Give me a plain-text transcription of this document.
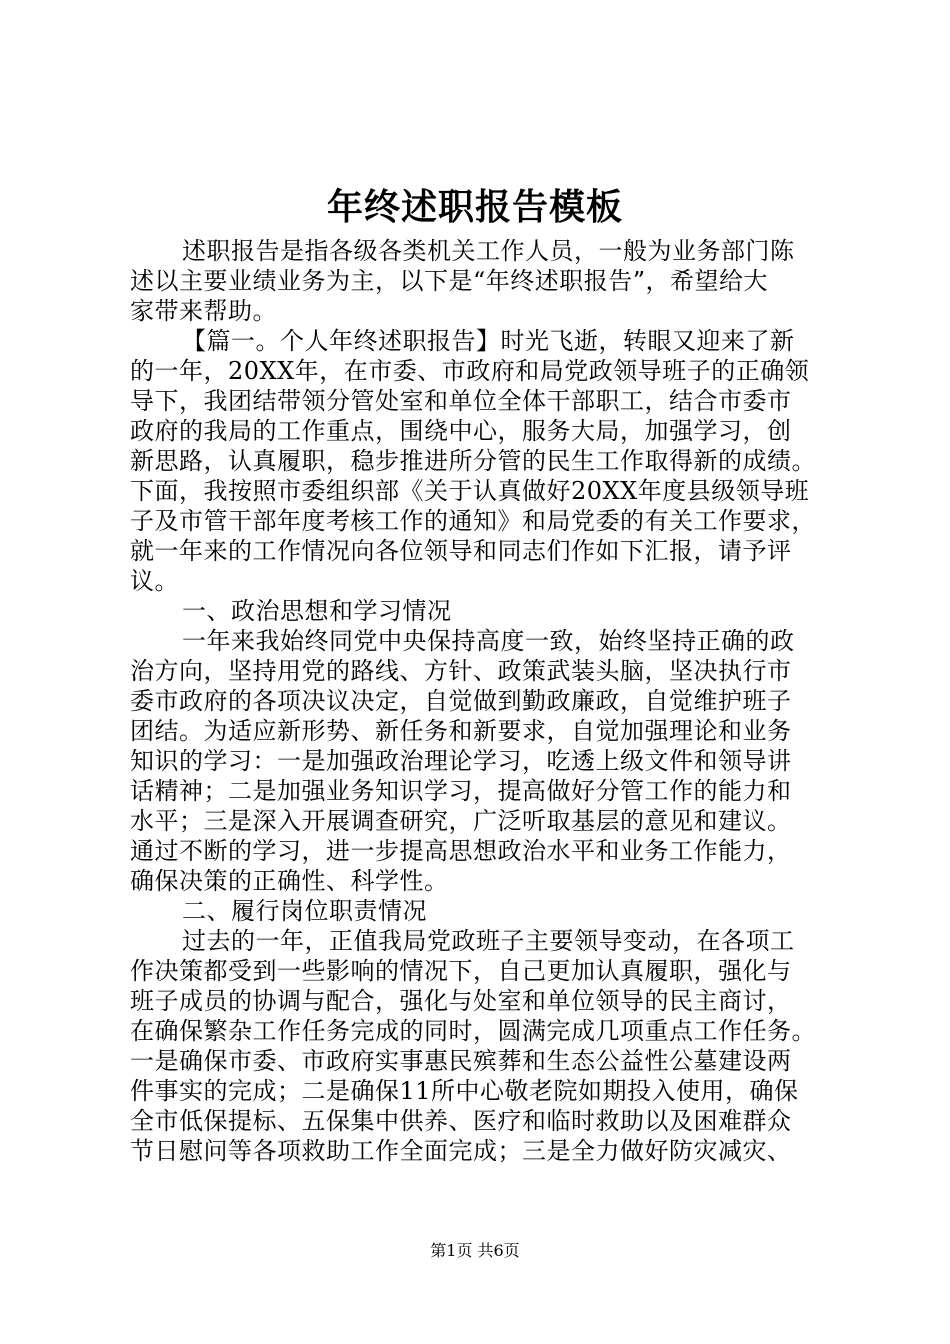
年终述职报告模板
述职报告是指各级各类机关工作人员，一般为业务部门陈
述以主要业绩业务为主，以下是“年终述职报告”，希望给大
家带来帮助。
【篇一。个人年终述职报告】时光飞逝，转眼又迎来了新
的一年，20XX年，在市委、市政府和局党政领导班子的正确领
导下，我团结带领分管处室和单位全体干部职工，结合市委市
政府的我局的工作重点，围绕中心，服务大局，加强学习，创
新思路，认真履职，稳步推进所分管的民生工作取得新的成绩。
下面，我按照市委组织部《关于认真做好20XX年度县级领导班
子及市管干部年度考核工作的通知》和局党委的有关工作要求，
就一年来的工作情况向各位领导和同志们作如下汇报，请予评
议。
一、政治思想和学习情况
一年来我始终同党中央保持高度一致，始终坚持正确的政
治方向，坚持用党的路线、方针、政策武装头脑，坚决执行市
委市政府的各项决议决定，自觉做到勤政廉政，自觉维护班子
团结。为适应新形势、新任务和新要求，自觉加强理论和业务
知识的学习：一是加强政治理论学习，吃透上级文件和领导讲
话精神；二是加强业务知识学习，提高做好分管工作的能力和
水平；三是深入开展调查研究，广泛听取基层的意见和建议。
通过不断的学习，进一步提高思想政治水平和业务工作能力，
确保决策的正确性、科学性。
二、履行岗位职责情况
过去的一年，正值我局党政班子主要领导变动，在各项工
作决策都受到一些影响的情况下，自己更加认真履职，强化与
班子成员的协调与配合，强化与处室和单位领导的民主商讨，
在确保繁杂工作任务完成的同时，圆满完成几项重点工作任务。
一是确保市委、市政府实事惠民殡葬和生态公益性公墓建设两
件事实的完成；二是确保11所中心敬老院如期投入使用，确保
全市低保提标、五保集中供养、医疗和临时救助以及困难群众
节日慰问等各项救助工作全面完成；三是全力做好防灾减灾、
第1页 共6页
